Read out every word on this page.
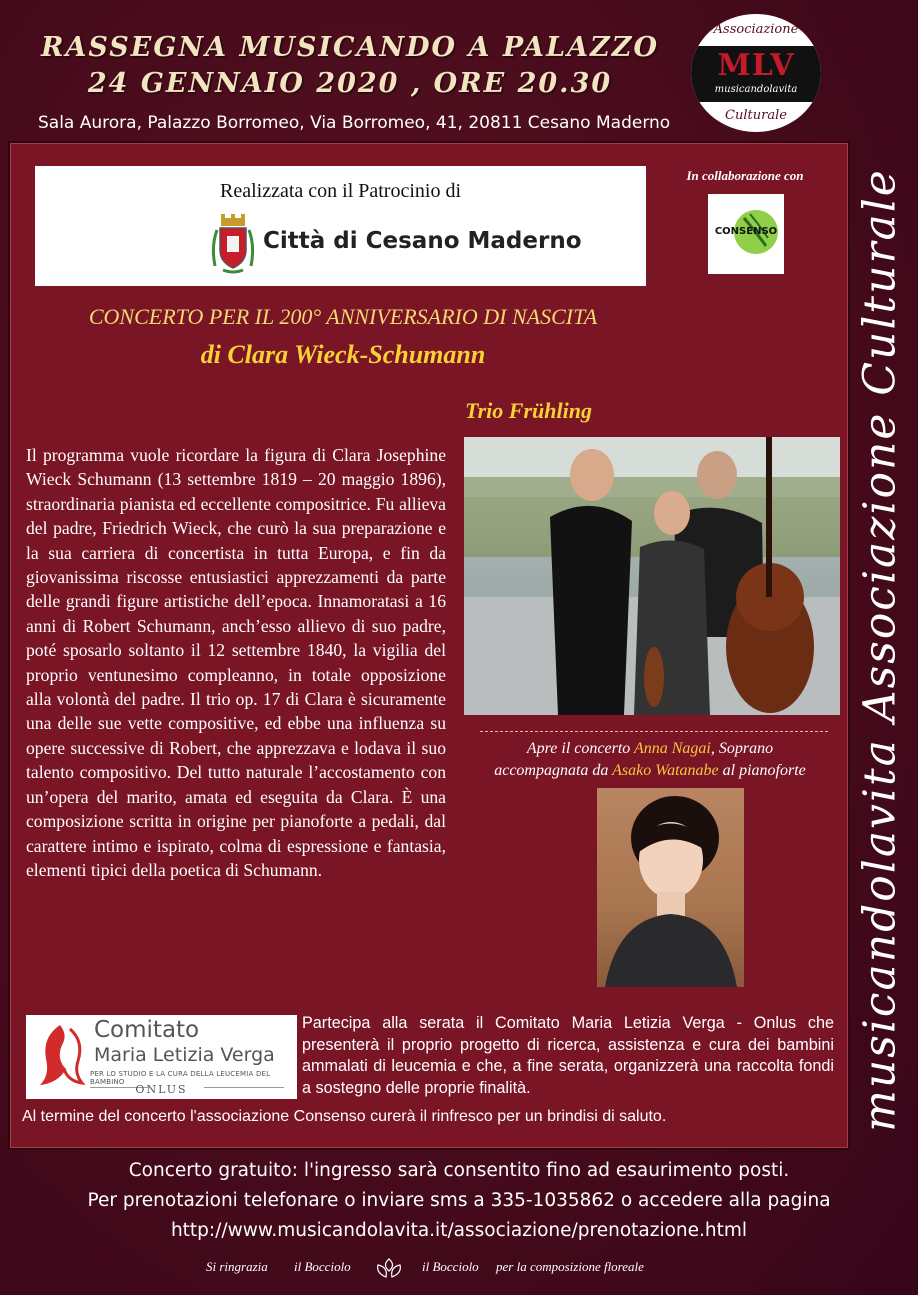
RASSEGNA MUSICANDO A PALAZZO
24 GENNAIO 2020 , ORE 20.30
Sala Aurora, Palazzo Borromeo, Via Borromeo, 41, 20811 Cesano Maderno
Associazione
MLV
musicandolavita
Culturale
Realizzata con il Patrocinio di
Città di Cesano Maderno
In collaborazione con
CONSENSO
CONCERTO PER IL 200° ANNIVERSARIO DI NASCITA
di Clara Wieck-Schumann
Trio Frühling
Il programma vuole ricordare la figura di Clara Josephine Wieck Schumann (13 settembre 1819 – 20 maggio 1896), straordinaria pianista ed eccellente compositrice. Fu allieva del padre, Friedrich Wieck, che curò la sua preparazione e la sua carriera di concertista in tutta Europa, e fin da giovanissima riscosse entusiastici apprezzamenti da parte delle grandi figure artistiche dell’epoca. Innamoratasi a 16 anni di Robert Schumann, anch’esso allievo di suo padre, poté sposarlo soltanto il 12 settembre 1840, la vigilia del proprio ventunesimo compleanno, in totale opposizione alla volontà del padre. Il trio op. 17 di Clara è sicuramente una delle sue vette compositive, ed ebbe una influenza su opere successive di Robert, che apprezzava e lodava il suo talento compositivo. Del tutto naturale l’accostamento con un’opera del marito, amata ed eseguita da Clara. È una composizione scritta in origine per pianoforte a pedali, dal carattere intimo e ispirato, colma di espressione e fantasia, elementi tipici della poetica di Schumann.
Apre il concerto Anna Nagai, Soprano
accompagnata da Asako Watanabe al pianoforte
Comitato
Maria Letizia Verga
PER LO STUDIO E LA CURA DELLA LEUCEMIA DEL BAMBINO
ONLUS
Partecipa alla serata il Comitato Maria Letizia Verga - Onlus che presenterà il proprio progetto di ricerca, assistenza e cura dei bambini ammalati di leucemia e che, a fine serata, organizzerà una raccolta fondi a sostegno delle proprie finalità.
Al termine del concerto l'associazione Consenso curerà il rinfresco per un brindisi di saluto.	musicandolavita Associazione Culturale
Concerto gratuito: l'ingresso sarà consentito fino ad esaurimento posti.
Per prenotazioni telefonare o inviare sms a 335-1035862 o accedere alla pagina
http://www.musicandolavita.it/associazione/prenotazione.html
Si ringrazia il Bocciolo	il Bocciolo per la composizione floreale
